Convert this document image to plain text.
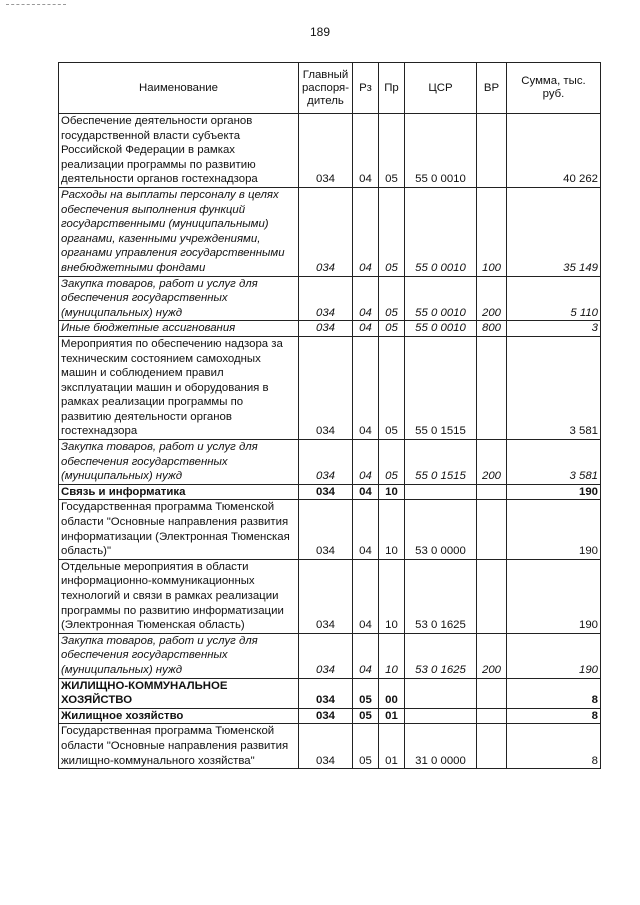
189
Наименование	Главный распоря-дитель	Рз	Пр	ЦСР	ВР	Сумма, тыс. руб.
Обеспечение деятельности органов государственной власти субъекта Российской Федерации в рамках реализации программы по развитию деятельности органов гостехнадзора	034	04	05	55 0 0010		40 262
Расходы на выплаты персоналу в целях обеспечения выполнения функций государственными (муниципальными) органами, казенными учреждениями, органами управления государственными внебюджетными фондами	034	04	05	55 0 0010	100	35 149
Закупка товаров, работ и услуг для обеспечения государственных (муниципальных) нужд	034	04	05	55 0 0010	200	5 110
Иные бюджетные ассигнования	034	04	05	55 0 0010	800	3
Мероприятия по обеспечению надзора за техническим состоянием самоходных машин и соблюдением правил эксплуатации машин и оборудования в рамках реализации программы по развитию деятельности органов гостехнадзора	034	04	05	55 0 1515		3 581
Закупка товаров, работ и услуг для обеспечения государственных (муниципальных) нужд	034	04	05	55 0 1515	200	3 581
Связь и информатика	034	04	10			190
Государственная программа Тюменской области "Основные направления развития информатизации (Электронная Тюменская область)"	034	04	10	53 0 0000		190
Отдельные мероприятия в области информационно-коммуникационных технологий и связи в рамках реализации программы по развитию информатизации (Электронная Тюменская область)	034	04	10	53 0 1625		190
Закупка товаров, работ и услуг для обеспечения государственных (муниципальных) нужд	034	04	10	53 0 1625	200	190
ЖИЛИЩНО-КОММУНАЛЬНОЕ ХОЗЯЙСТВО	034	05	00			8
Жилищное хозяйство	034	05	01			8
Государственная программа Тюменской области "Основные направления развития жилищно-коммунального хозяйства"	034	05	01	31 0 0000		8
